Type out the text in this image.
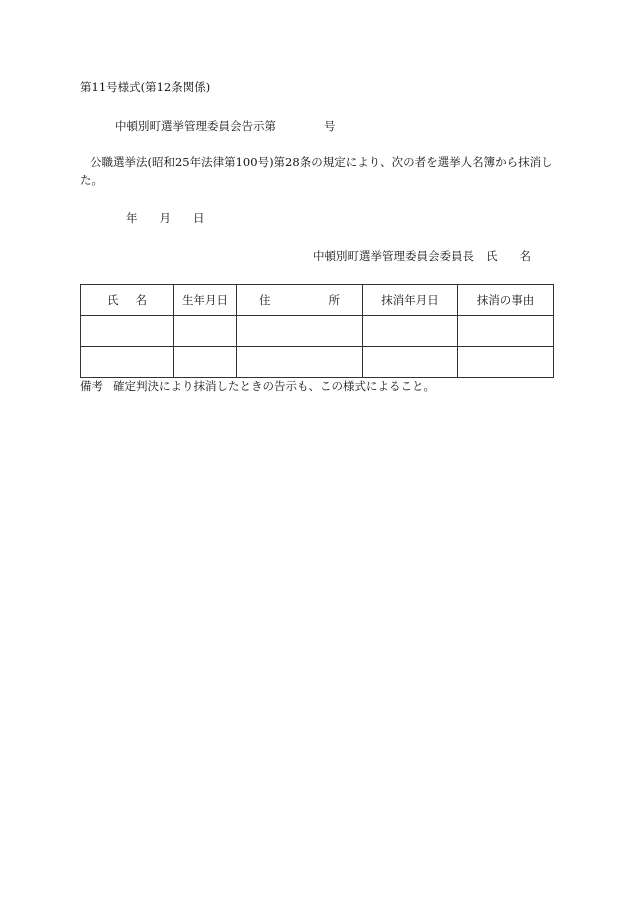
第11号様式(第12条関係)
中頓別町選挙管理委員会告示第	号
公職選挙法(昭和25年法律第100号)第28条の規定により、次の者を選挙人名簿から抹消した。
年 月 日
中頓別町選挙管理委員会委員長 氏 名
氏 名	生年月日	住 所	抹消年月日	抹消の事由

備考 確定判決により抹消したときの告示も、この様式によること。
